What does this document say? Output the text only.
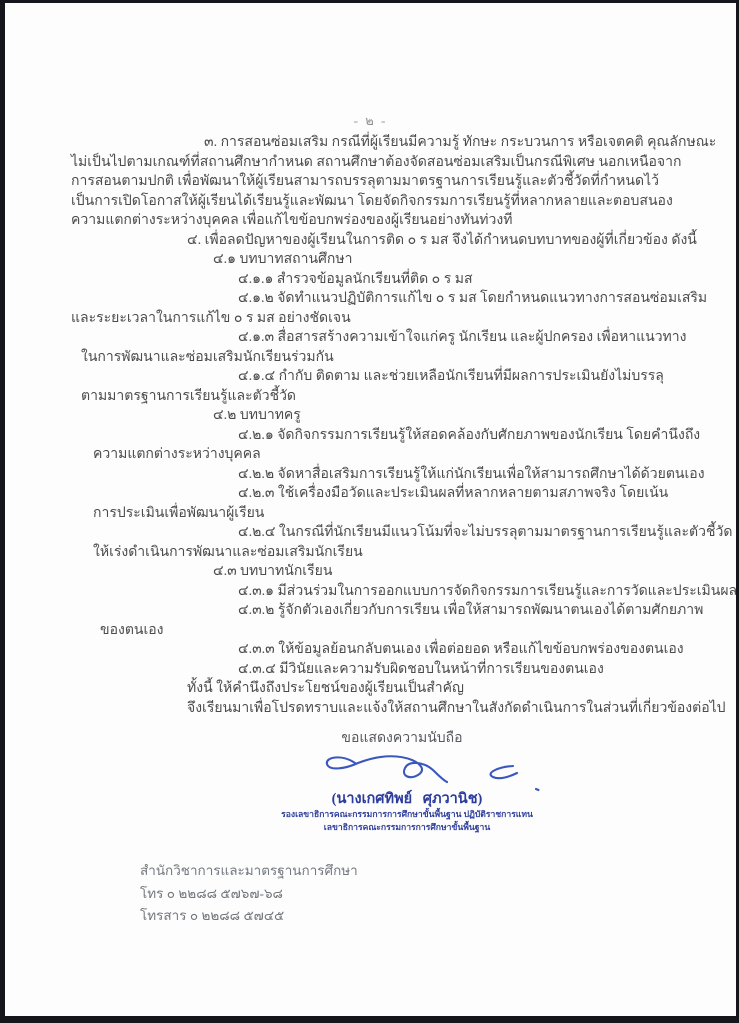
- ๒ -
๓. การสอนซ่อมเสริม กรณีที่ผู้เรียนมีความรู้ ทักษะ กระบวนการ หรือเจตคติ คุณลักษณะ
ไม่เป็นไปตามเกณฑ์ที่สถานศึกษากำหนด สถานศึกษาต้องจัดสอนซ่อมเสริมเป็นกรณีพิเศษ นอกเหนือจาก
การสอนตามปกติ เพื่อพัฒนาให้ผู้เรียนสามารถบรรลุตามมาตรฐานการเรียนรู้และตัวชี้วัดที่กำหนดไว้
เป็นการเปิดโอกาสให้ผู้เรียนได้เรียนรู้และพัฒนา โดยจัดกิจกรรมการเรียนรู้ที่หลากหลายและตอบสนอง
ความแตกต่างระหว่างบุคคล เพื่อแก้ไขข้อบกพร่องของผู้เรียนอย่างทันท่วงที
๔. เพื่อลดปัญหาของผู้เรียนในการติด ๐ ร มส จึงได้กำหนดบทบาทของผู้ที่เกี่ยวข้อง ดังนี้
๔.๑ บทบาทสถานศึกษา
๔.๑.๑ สำรวจข้อมูลนักเรียนที่ติด ๐ ร มส
๔.๑.๒ จัดทำแนวปฏิบัติการแก้ไข ๐ ร มส โดยกำหนดแนวทางการสอนซ่อมเสริม
และระยะเวลาในการแก้ไข ๐ ร มส อย่างชัดเจน
๔.๑.๓ สื่อสารสร้างความเข้าใจแก่ครู นักเรียน และผู้ปกครอง เพื่อหาแนวทาง
ในการพัฒนาและซ่อมเสริมนักเรียนร่วมกัน
๔.๑.๔ กำกับ ติดตาม และช่วยเหลือนักเรียนที่มีผลการประเมินยังไม่บรรลุ
ตามมาตรฐานการเรียนรู้และตัวชี้วัด
๔.๒ บทบาทครู
๔.๒.๑ จัดกิจกรรมการเรียนรู้ให้สอดคล้องกับศักยภาพของนักเรียน โดยคำนึงถึง
ความแตกต่างระหว่างบุคคล
๔.๒.๒ จัดหาสื่อเสริมการเรียนรู้ให้แก่นักเรียนเพื่อให้สามารถศึกษาได้ด้วยตนเอง
๔.๒.๓ ใช้เครื่องมือวัดและประเมินผลที่หลากหลายตามสภาพจริง โดยเน้น
การประเมินเพื่อพัฒนาผู้เรียน
๔.๒.๔ ในกรณีที่นักเรียนมีแนวโน้มที่จะไม่บรรลุตามมาตรฐานการเรียนรู้และตัวชี้วัด
ให้เร่งดำเนินการพัฒนาและซ่อมเสริมนักเรียน
๔.๓ บทบาทนักเรียน
๔.๓.๑ มีส่วนร่วมในการออกแบบการจัดกิจกรรมการเรียนรู้และการวัดและประเมินผล
๔.๓.๒ รู้จักตัวเองเกี่ยวกับการเรียน เพื่อให้สามารถพัฒนาตนเองได้ตามศักยภาพ
ของตนเอง
๔.๓.๓ ให้ข้อมูลย้อนกลับตนเอง เพื่อต่อยอด หรือแก้ไขข้อบกพร่องของตนเอง
๔.๓.๔ มีวินัยและความรับผิดชอบในหน้าที่การเรียนของตนเอง
ทั้งนี้ ให้คำนึงถึงประโยชน์ของผู้เรียนเป็นสำคัญ
จึงเรียนมาเพื่อโปรดทราบและแจ้งให้สถานศึกษาในสังกัดดำเนินการในส่วนที่เกี่ยวข้องต่อไป
ขอแสดงความนับถือ
(นางเกศทิพย์ ศุภวานิช)
รองเลขาธิการคณะกรรมการการศึกษาขั้นพื้นฐาน ปฏิบัติราชการแทน
เลขาธิการคณะกรรมการการศึกษาขั้นพื้นฐาน
สำนักวิชาการและมาตรฐานการศึกษา
โทร ๐ ๒๒๘๘ ๕๗๖๗-๖๘
โทรสาร ๐ ๒๒๘๘ ๕๗๔๕
